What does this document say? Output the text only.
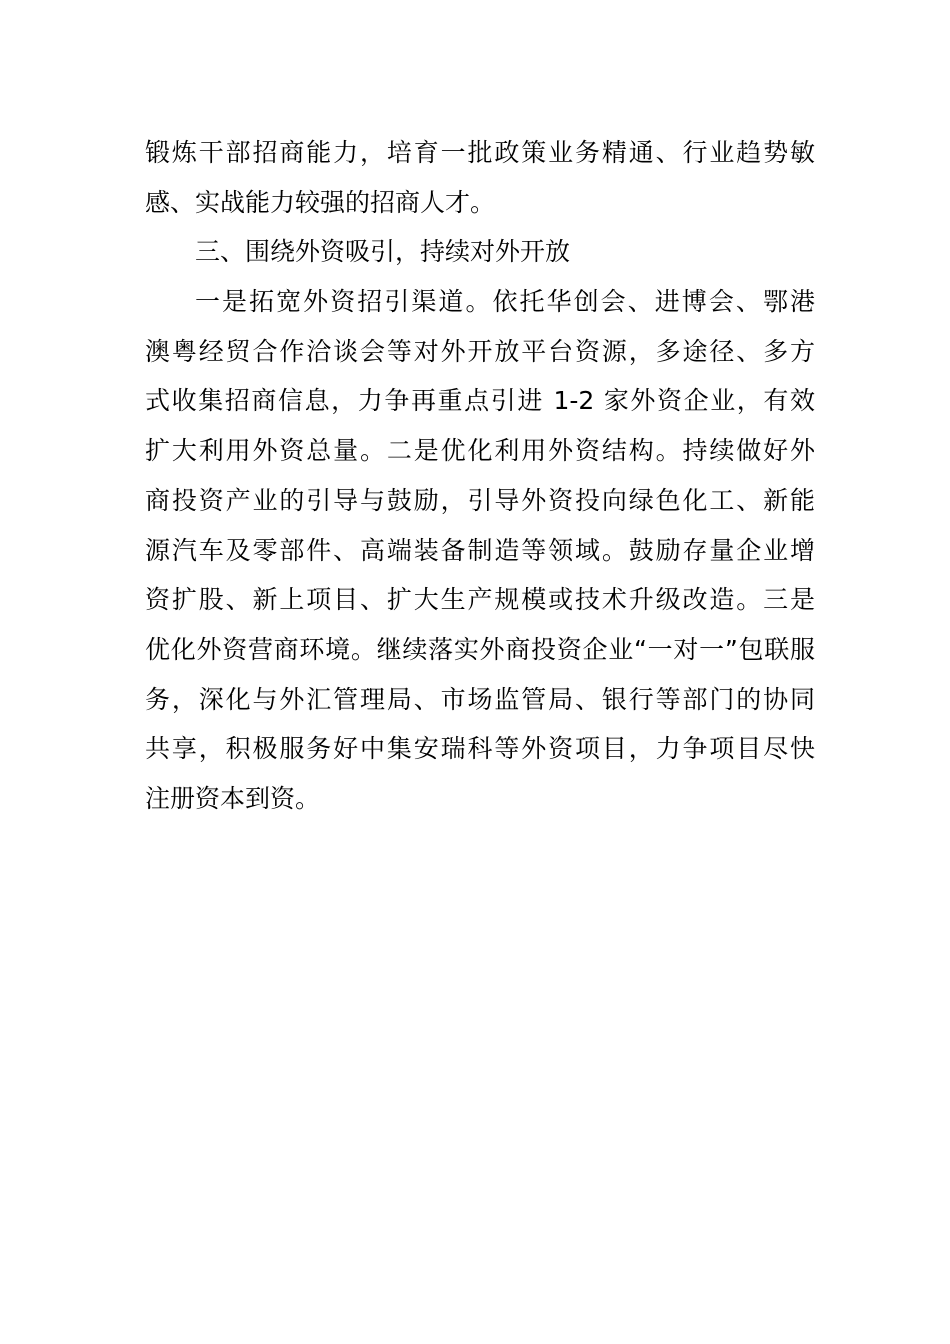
锻炼干部招商能力，培育一批政策业务精通、行业趋势敏
感、实战能力较强的招商人才。
三、围绕外资吸引，持续对外开放
一是拓宽外资招引渠道。依托华创会、进博会、鄂港
澳粤经贸合作洽谈会等对外开放平台资源，多途径、多方
式收集招商信息，力争再重点引进 1-2 家外资企业，有效
扩大利用外资总量。二是优化利用外资结构。持续做好外
商投资产业的引导与鼓励，引导外资投向绿色化工、新能
源汽车及零部件、高端装备制造等领域。鼓励存量企业增
资扩股、新上项目、扩大生产规模或技术升级改造。三是
优化外资营商环境。继续落实外商投资企业“一对一”包联服
务，深化与外汇管理局、市场监管局、银行等部门的协同
共享，积极服务好中集安瑞科等外资项目，力争项目尽快
注册资本到资。
